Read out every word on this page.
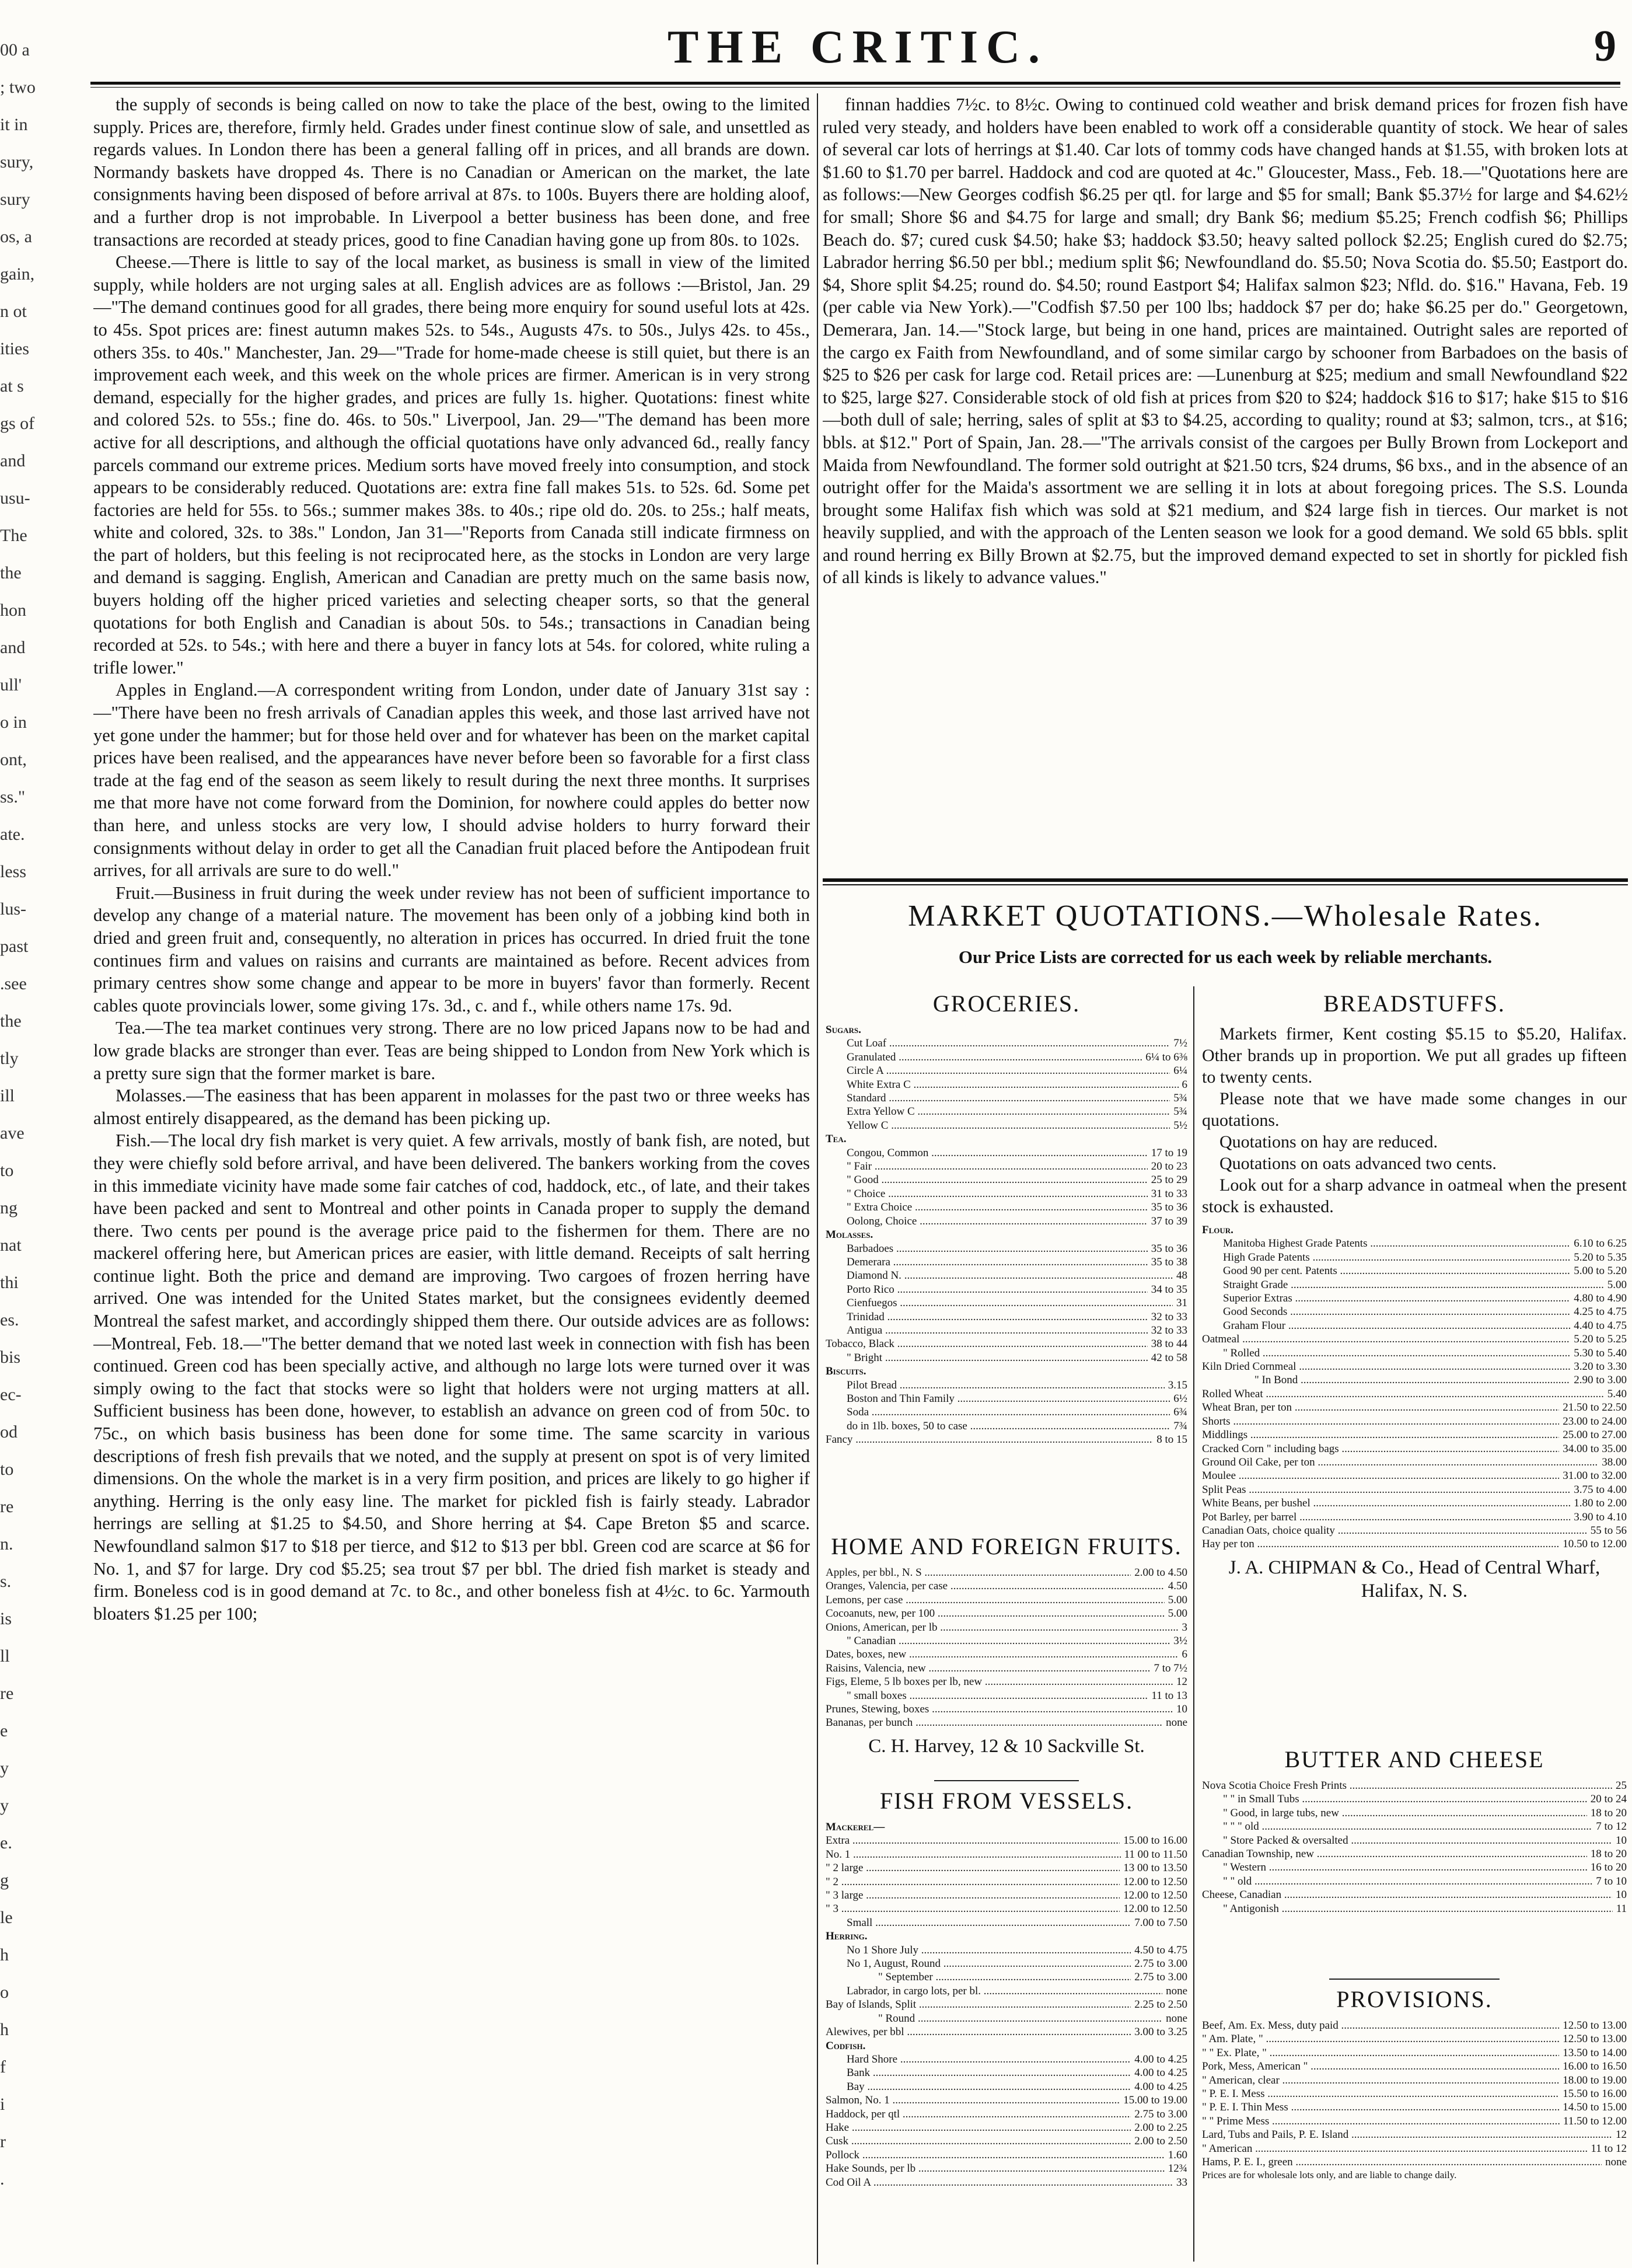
00 a
; two
it in
sury,
sury
os, a
gain,
n ot
ities
at s
gs of
and
usu-
The
the
hon
and
ull'
o in
ont,
ss."
ate.
less
lus-
past
.see
the
tly
ill
ave
to
ng
nat
thi
es.
bis
ec-
od
to
re
n.
s.
is
ll
re
e
y
y
e.
g
le
h
o
h
f
i
r
.
THE CRITIC.	9

the supply of seconds is being called on now to take the place of the best, owing to the limited supply. Prices are, therefore, firmly held. Grades under finest continue slow of sale, and unsettled as regards values. In London there has been a general falling off in prices, and all brands are down. Normandy baskets have dropped 4s. There is no Canadian or American on the market, the late consignments having been disposed of before arrival at 87s. to 100s. Buyers there are holding aloof, and a further drop is not improbable. In Liverpool a better business has been done, and free transactions are recorded at steady prices, good to fine Canadian having gone up from 80s. to 102s.

Cheese.—There is little to say of the local market, as business is small in view of the limited supply, while holders are not urging sales at all. English advices are as follows :—Bristol, Jan. 29—"The demand continues good for all grades, there being more enquiry for sound useful lots at 42s. to 45s. Spot prices are: finest autumn makes 52s. to 54s., Augusts 47s. to 50s., Julys 42s. to 45s., others 35s. to 40s." Manchester, Jan. 29—"Trade for home-made cheese is still quiet, but there is an improvement each week, and this week on the whole prices are firmer. American is in very strong demand, especially for the higher grades, and prices are fully 1s. higher. Quotations: finest white and colored 52s. to 55s.; fine do. 46s. to 50s." Liverpool, Jan. 29—"The demand has been more active for all descriptions, and although the official quotations have only advanced 6d., really fancy parcels command our extreme prices. Medium sorts have moved freely into consumption, and stock appears to be considerably reduced. Quotations are: extra fine fall makes 51s. to 52s. 6d. Some pet factories are held for 55s. to 56s.; summer makes 38s. to 40s.; ripe old do. 20s. to 25s.; half meats, white and colored, 32s. to 38s." London, Jan 31—"Reports from Canada still indicate firmness on the part of holders, but this feeling is not reciprocated here, as the stocks in London are very large and demand is sagging. English, American and Canadian are pretty much on the same basis now, buyers holding off the higher priced varieties and selecting cheaper sorts, so that the general quotations for both English and Canadian is about 50s. to 54s.; transactions in Canadian being recorded at 52s. to 54s.; with here and there a buyer in fancy lots at 54s. for colored, white ruling a trifle lower."

Apples in England.—A correspondent writing from London, under date of January 31st say :—"There have been no fresh arrivals of Canadian apples this week, and those last arrived have not yet gone under the hammer; but for those held over and for whatever has been on the market capital prices have been realised, and the appearances have never before been so favorable for a first class trade at the fag end of the season as seem likely to result during the next three months. It surprises me that more have not come forward from the Dominion, for nowhere could apples do better now than here, and unless stocks are very low, I should advise holders to hurry forward their consignments without delay in order to get all the Canadian fruit placed before the Antipodean fruit arrives, for all arrivals are sure to do well."

Fruit.—Business in fruit during the week under review has not been of sufficient importance to develop any change of a material nature. The movement has been only of a jobbing kind both in dried and green fruit and, consequently, no alteration in prices has occurred. In dried fruit the tone continues firm and values on raisins and currants are maintained as before. Recent advices from primary centres show some change and appear to be more in buyers' favor than formerly. Recent cables quote provincials lower, some giving 17s. 3d., c. and f., while others name 17s. 9d.

Tea.—The tea market continues very strong. There are no low priced Japans now to be had and low grade blacks are stronger than ever. Teas are being shipped to London from New York which is a pretty sure sign that the former market is bare.

Molasses.—The easiness that has been apparent in molasses for the past two or three weeks has almost entirely disappeared, as the demand has been picking up.

Fish.—The local dry fish market is very quiet. A few arrivals, mostly of bank fish, are noted, but they were chiefly sold before arrival, and have been delivered. The bankers working from the coves in this immediate vicinity have made some fair catches of cod, haddock, etc., of late, and their takes have been packed and sent to Montreal and other points in Canada proper to supply the demand there. Two cents per pound is the average price paid to the fishermen for them. There are no mackerel offering here, but American prices are easier, with little demand. Receipts of salt herring continue light. Both the price and demand are improving. Two cargoes of frozen herring have arrived. One was intended for the United States market, but the consignees evidently deemed Montreal the safest market, and accordingly shipped them there. Our outside advices are as follows:—Montreal, Feb. 18.—"The better demand that we noted last week in connection with fish has been continued. Green cod has been specially active, and although no large lots were turned over it was simply owing to the fact that stocks were so light that holders were not urging matters at all. Sufficient business has been done, however, to establish an advance on green cod of from 50c. to 75c., on which basis business has been done for some time. The same scarcity in various descriptions of fresh fish prevails that we noted, and the supply at present on spot is of very limited dimensions. On the whole the market is in a very firm position, and prices are likely to go higher if anything. Herring is the only easy line. The market for pickled fish is fairly steady. Labrador herrings are selling at $1.25 to $4.50, and Shore herring at $4. Cape Breton $5 and scarce. Newfoundland salmon $17 to $18 per tierce, and $12 to $13 per bbl. Green cod are scarce at $6 for No. 1, and $7 for large. Dry cod $5.25; sea trout $7 per bbl. The dried fish market is steady and firm. Boneless cod is in good demand at 7c. to 8c., and other boneless fish at 4½c. to 6c. Yarmouth bloaters $1.25 per 100;

finnan haddies 7½c. to 8½c. Owing to continued cold weather and brisk demand prices for frozen fish have ruled very steady, and holders have been enabled to work off a considerable quantity of stock. We hear of sales of several car lots of herrings at $1.40. Car lots of tommy cods have changed hands at $1.55, with broken lots at $1.60 to $1.70 per barrel. Haddock and cod are quoted at 4c." Gloucester, Mass., Feb. 18.—"Quotations here are as follows:—New Georges codfish $6.25 per qtl. for large and $5 for small; Bank $5.37½ for large and $4.62½ for small; Shore $6 and $4.75 for large and small; dry Bank $6; medium $5.25; French codfish $6; Phillips Beach do. $7; cured cusk $4.50; hake $3; haddock $3.50; heavy salted pollock $2.25; English cured do $2.75; Labrador herring $6.50 per bbl.; medium split $6; Newfoundland do. $5.50; Nova Scotia do. $5.50; Eastport do. $4, Shore split $4.25; round do. $4.50; round Eastport $4; Halifax salmon $23; Nfld. do. $16." Havana, Feb. 19 (per cable via New York).—"Codfish $7.50 per 100 lbs; haddock $7 per do; hake $6.25 per do." Georgetown, Demerara, Jan. 14.—"Stock large, but being in one hand, prices are maintained. Outright sales are reported of the cargo ex Faith from Newfoundland, and of some similar cargo by schooner from Barbadoes on the basis of $25 to $26 per cask for large cod. Retail prices are: —Lunenburg at $25; medium and small Newfoundland $22 to $25, large $27. Considerable stock of old fish at prices from $20 to $24; haddock $16 to $17; hake $15 to $16—both dull of sale; herring, sales of split at $3 to $4.25, according to quality; round at $3; salmon, tcrs., at $16; bbls. at $12." Port of Spain, Jan. 28.—"The arrivals consist of the cargoes per Bully Brown from Lockeport and Maida from Newfoundland. The former sold outright at $21.50 tcrs, $24 drums, $6 bxs., and in the absence of an outright offer for the Maida's assortment we are selling it in lots at about foregoing prices. The S.S. Lounda brought some Halifax fish which was sold at $21 medium, and $24 large fish in tierces. Our market is not heavily supplied, and with the approach of the Lenten season we look for a good demand. We sold 65 bbls. split and round herring ex Billy Brown at $2.75, but the improved demand expected to set in shortly for pickled fish of all kinds is likely to advance values."

MARKET QUOTATIONS.—Wholesale Rates.
Our Price Lists are corrected for us each week by reliable merchants.
GROCERIES.
Sugars.
Cut Loaf .....	7½
Granulated .....	6¼ to 6⅜
Circle A .....	6¼
White Extra C .....	6
Standard .....	5¾
Extra Yellow C .....	5¾
Yellow C .....	5½
Tea.
Congou, Common .....	17 to 19
" Fair .....	20 to 23
" Good .....	25 to 29
" Choice .....	31 to 33
" Extra Choice .....	35 to 36
Oolong, Choice .....	37 to 39
Molasses.
Barbadoes .....	35 to 36
Demerara .....	35 to 38
Diamond N. .....	48
Porto Rico .....	34 to 35
Cienfuegos .....	31
Trinidad .....	32 to 33
Antigua .....	32 to 33
Tobacco, Black .....	38 to 44
" Bright .....	42 to 58
Biscuits.
Pilot Bread .....	3.15
Boston and Thin Family .....	6½
Soda .....	6¾
do in 1lb. boxes, 50 to case .....	7¾
Fancy .....	8 to 15
BREADSTUFFS.
Markets firmer, Kent costing $5.15 to $5.20, Halifax. Other brands up in proportion. We put all grades up fifteen to twenty cents.
Please note that we have made some changes in our quotations.
Quotations on hay are reduced.
Quotations on oats advanced two cents.
Look out for a sharp advance in oatmeal when the present stock is exhausted.
Flour.
Manitoba Highest Grade Patents .....	6.10 to 6.25
High Grade Patents .....	5.20 to 5.35
Good 90 per cent. Patents .....	5.00 to 5.20
Straight Grade .....	5.00
Superior Extras .....	4.80 to 4.90
Good Seconds .....	4.25 to 4.75
Graham Flour .....	4.40 to 4.75
Oatmeal .....	5.20 to 5.25
" Rolled .....	5.30 to 5.40
Kiln Dried Cornmeal .....	3.20 to 3.30
" In Bond .....	2.90 to 3.00
Rolled Wheat .....	5.40
Wheat Bran, per ton .....	21.50 to 22.50
Shorts .....	23.00 to 24.00
Middlings .....	25.00 to 27.00
Cracked Corn " including bags .....	34.00 to 35.00
Ground Oil Cake, per ton .....	38.00
Moulee .....	31.00 to 32.00
Split Peas .....	3.75 to 4.00
White Beans, per bushel .....	1.80 to 2.00
Pot Barley, per barrel .....	3.90 to 4.10
Canadian Oats, choice quality .....	55 to 56
Hay per ton .....	10.50 to 12.00
J. A. CHIPMAN & Co., Head of Central Wharf, Halifax, N. S.
HOME AND FOREIGN FRUITS.
Apples, per bbl., N. S .....	2.00 to 4.50
Oranges, Valencia, per case .....	4.50
Lemons, per case .....	5.00
Cocoanuts, new, per 100 .....	5.00
Onions, American, per lb .....	3
" Canadian .....	3½
Dates, boxes, new .....	6
Raisins, Valencia, new .....	7 to 7½
Figs, Eleme, 5 lb boxes per lb, new .....	12
" small boxes .....	11 to 13
Prunes, Stewing, boxes .....	10
Bananas, per bunch .....	none
C. H. Harvey, 12 & 10 Sackville St.
FISH FROM VESSELS.
Mackerel—
Extra .....	15.00 to 16.00
No. 1 .....	11 00 to 11.50
" 2 large .....	13 00 to 13.50
" 2 .....	12.00 to 12.50
" 3 large .....	12.00 to 12.50
" 3 .....	12.00 to 12.50
Small .....	7.00 to 7.50
Herring.
No 1 Shore July .....	4.50 to 4.75
No 1, August, Round .....	2.75 to 3.00
" September .....	2.75 to 3.00
Labrador, in cargo lots, per bl. .....	none
Bay of Islands, Split .....	2.25 to 2.50
" Round .....	none
Alewives, per bbl .....	3.00 to 3.25
Codfish.
Hard Shore .....	4.00 to 4.25
Bank .....	4.00 to 4.25
Bay .....	4.00 to 4.25
Salmon, No. 1 .....	15.00 to 19.00
Haddock, per qtl .....	2.75 to 3.00
Hake .....	2.00 to 2.25
Cusk .....	2.00 to 2.50
Pollock .....	1.60
Hake Sounds, per lb .....	12¾
Cod Oil A .....	33
BUTTER AND CHEESE
Nova Scotia Choice Fresh Prints .....	25
" " in Small Tubs .....	20 to 24
" Good, in large tubs, new .....	18 to 20
" " " old .....	7 to 12
" Store Packed & oversalted .....	10
Canadian Township, new .....	18 to 20
" Western .....	16 to 20
" " old .....	7 to 10
Cheese, Canadian .....	10
" Antigonish .....	11
PROVISIONS.
Beef, Am. Ex. Mess, duty paid .....	12.50 to 13.00
" Am. Plate, " .....	12.50 to 13.00
" " Ex. Plate, " .....	13.50 to 14.00
Pork, Mess, American " .....	16.00 to 16.50
" American, clear .....	18.00 to 19.00
" P. E. I. Mess .....	15.50 to 16.00
" P. E. I. Thin Mess .....	14.50 to 15.00
" " Prime Mess .....	11.50 to 12.00
Lard, Tubs and Pails, P. E. Island .....	12
" American .....	11 to 12
Hams, P. E. I., green .....	none
Prices are for wholesale lots only, and are liable to change daily.
